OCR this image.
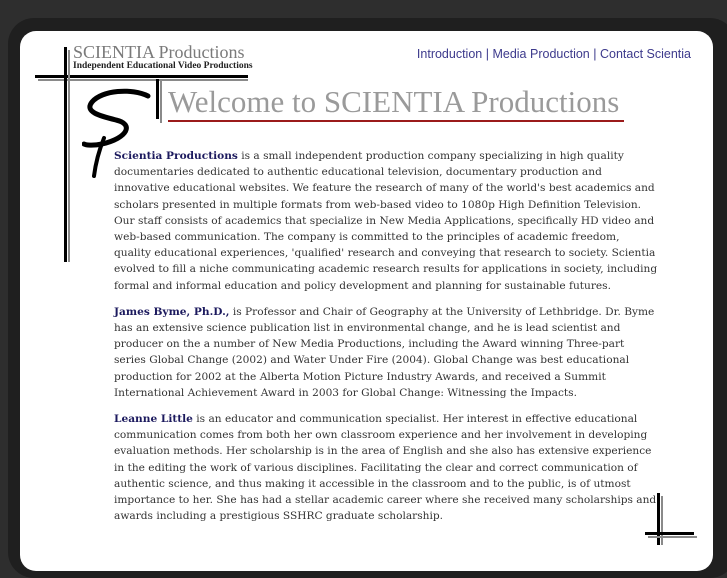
SCIENTIA Productions
Independent Educational Video Productions
Introduction | Media Production | Contact Scientia
Welcome to SCIENTIA Productions

Scientia Productions is a small independent production company specializing in high quality documentaries dedicated to authentic educational television, documentary production and innovative educational websites. We feature the research of many of the world's best academics and scholars presented in multiple formats from web-based video to 1080p High Definition Television. Our staff consists of academics that specialize in New Media Applications, specifically HD video and web-based communication. The company is committed to the principles of academic freedom, quality educational experiences, 'qualified' research and conveying that research to society. Scientia evolved to fill a niche communicating academic research results for applications in society, including formal and informal education and policy development and planning for sustainable futures.

James Byme, Ph.D., is Professor and Chair of Geography at the University of Lethbridge. Dr. Byme has an extensive science publication list in environmental change, and he is lead scientist and producer on the a number of New Media Productions, including the Award winning Three-part series Global Change (2002) and Water Under Fire (2004). Global Change was best educational production for 2002 at the Alberta Motion Picture Industry Awards, and received a Summit International Achievement Award in 2003 for Global Change: Witnessing the Impacts.

Leanne Little is an educator and communication specialist. Her interest in effective educational communication comes from both her own classroom experience and her involvement in developing evaluation methods. Her scholarship is in the area of English and she also has extensive experience in the editing the work of various disciplines. Facilitating the clear and correct communication of authentic science, and thus making it accessible in the classroom and to the public, is of utmost importance to her. She has had a stellar academic career where she received many scholarships and awards including a prestigious SSHRC graduate scholarship.
